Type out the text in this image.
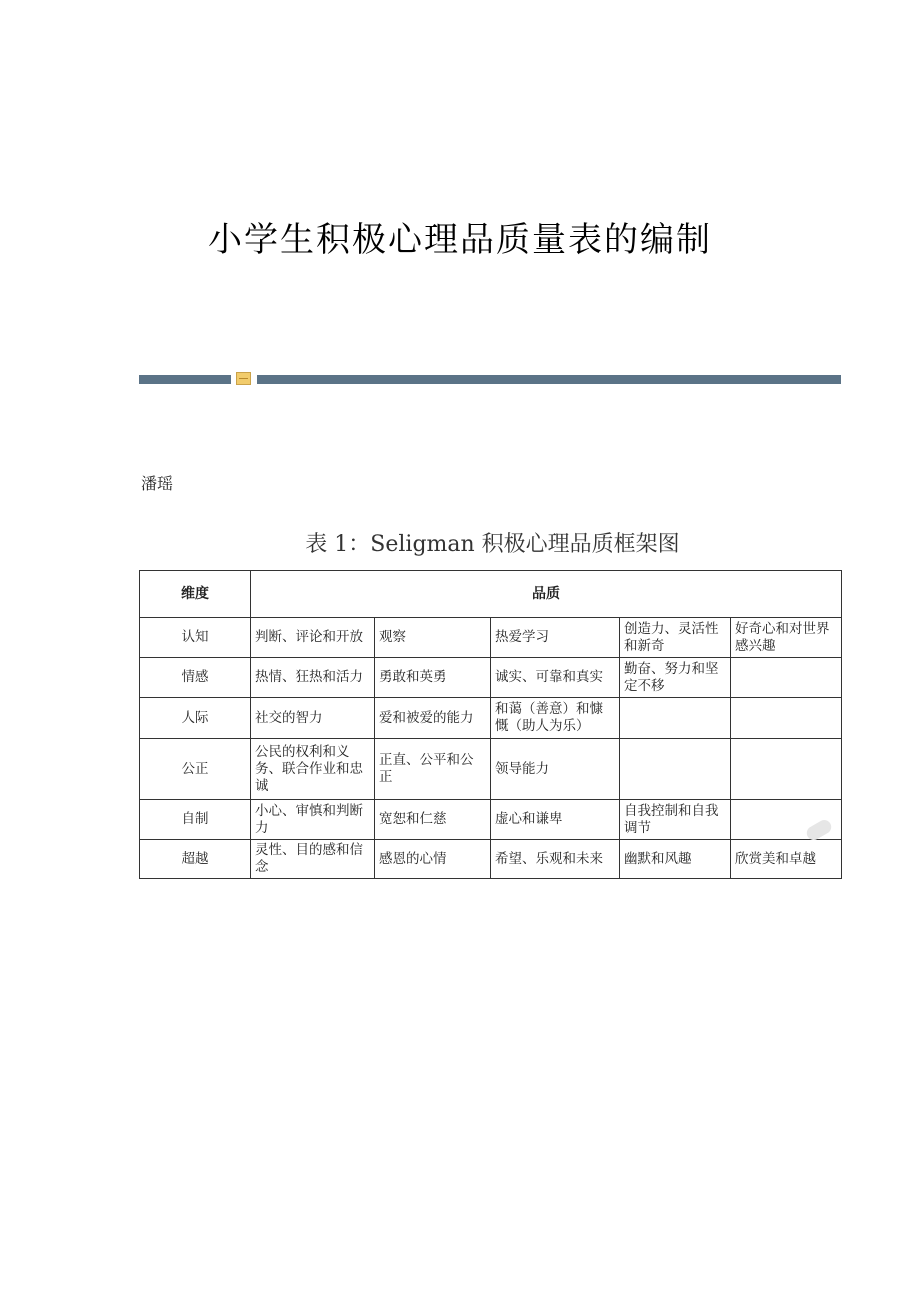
小学生积极心理品质量表的编制
潘瑶
表 1：Seligman 积极心理品质框架图
维度	品质				
认知	判断、评论和开放	观察	热爱学习	创造力、灵活性和新奇	好奇心和对世界感兴趣
情感	热情、狂热和活力	勇敢和英勇	诚实、可靠和真实	勤奋、努力和坚定不移	
人际	社交的智力	爱和被爱的能力	和蔼（善意）和慷慨（助人为乐）		
公正	公民的权利和义务、联合作业和忠诚	正直、公平和公正	领导能力		
自制	小心、审慎和判断力	宽恕和仁慈	虚心和谦卑	自我控制和自我调节	
超越	灵性、目的感和信念	感恩的心情	希望、乐观和未来	幽默和风趣	欣赏美和卓越
